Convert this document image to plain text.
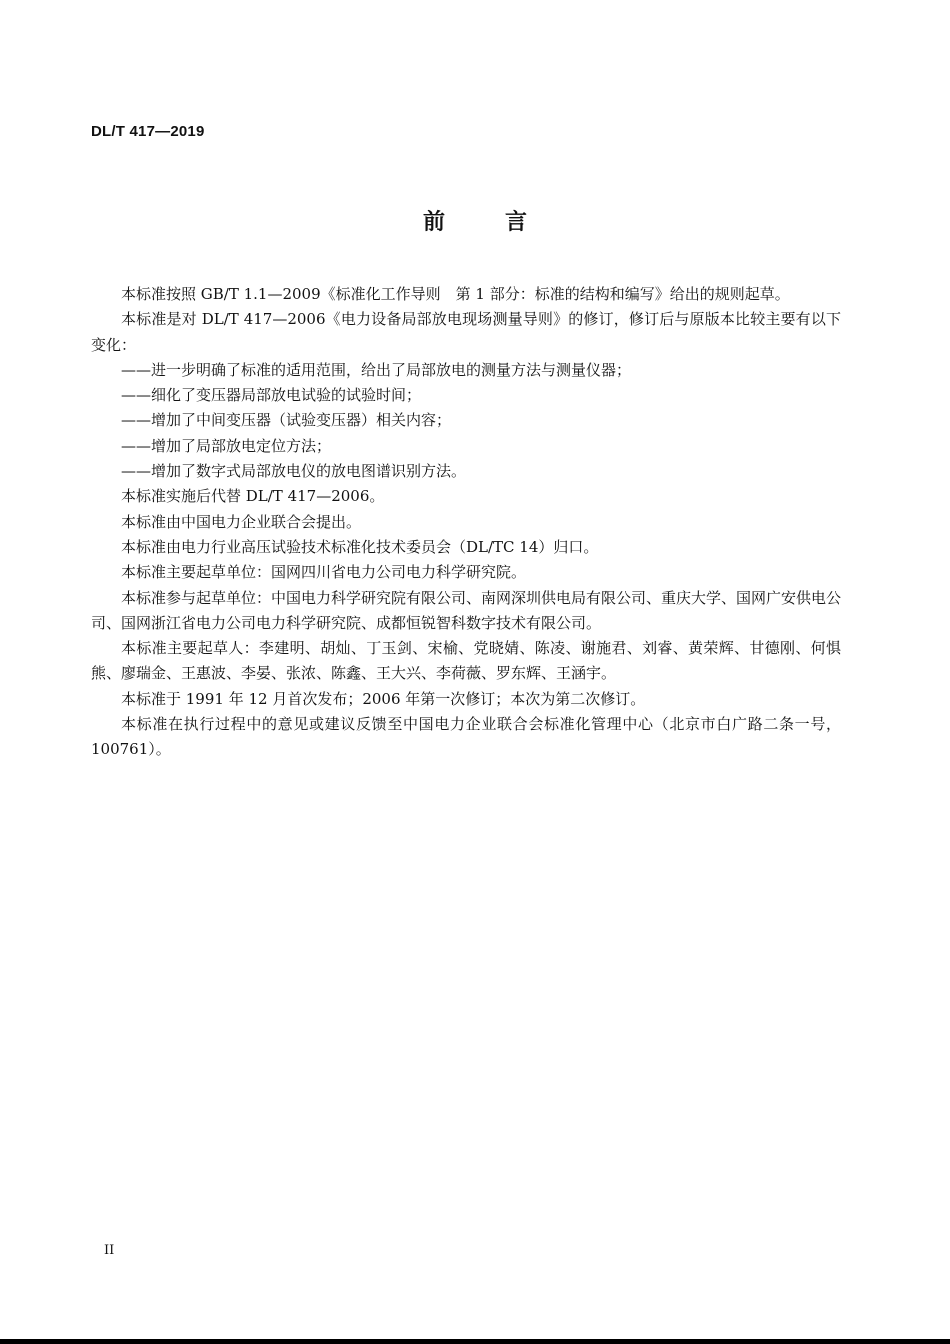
DL/T 417—2019
前言

本标准按照 GB/T 1.1—2009《标准化工作导则　第 1 部分：标准的结构和编写》给出的规则起草。

本标准是对 DL/T 417—2006《电力设备局部放电现场测量导则》的修订，修订后与原版本比较主要有以下变化：

——进一步明确了标准的适用范围，给出了局部放电的测量方法与测量仪器；

——细化了变压器局部放电试验的试验时间；

——增加了中间变压器（试验变压器）相关内容；

——增加了局部放电定位方法；

——增加了数字式局部放电仪的放电图谱识别方法。

本标准实施后代替 DL/T 417—2006。

本标准由中国电力企业联合会提出。

本标准由电力行业高压试验技术标准化技术委员会（DL/TC 14）归口。

本标准主要起草单位：国网四川省电力公司电力科学研究院。

本标准参与起草单位：中国电力科学研究院有限公司、南网深圳供电局有限公司、重庆大学、国网广安供电公司、国网浙江省电力公司电力科学研究院、成都恒锐智科数字技术有限公司。

本标准主要起草人：李建明、胡灿、丁玉剑、宋榆、党晓婧、陈凌、谢施君、刘睿、黄荣辉、甘德刚、何惧熊、廖瑞金、王惠波、李晏、张浓、陈鑫、王大兴、李荷薇、罗东辉、王涵宇。

本标准于 1991 年 12 月首次发布；2006 年第一次修订；本次为第二次修订。

本标准在执行过程中的意见或建议反馈至中国电力企业联合会标准化管理中心（北京市白广路二条一号，100761）。

II
